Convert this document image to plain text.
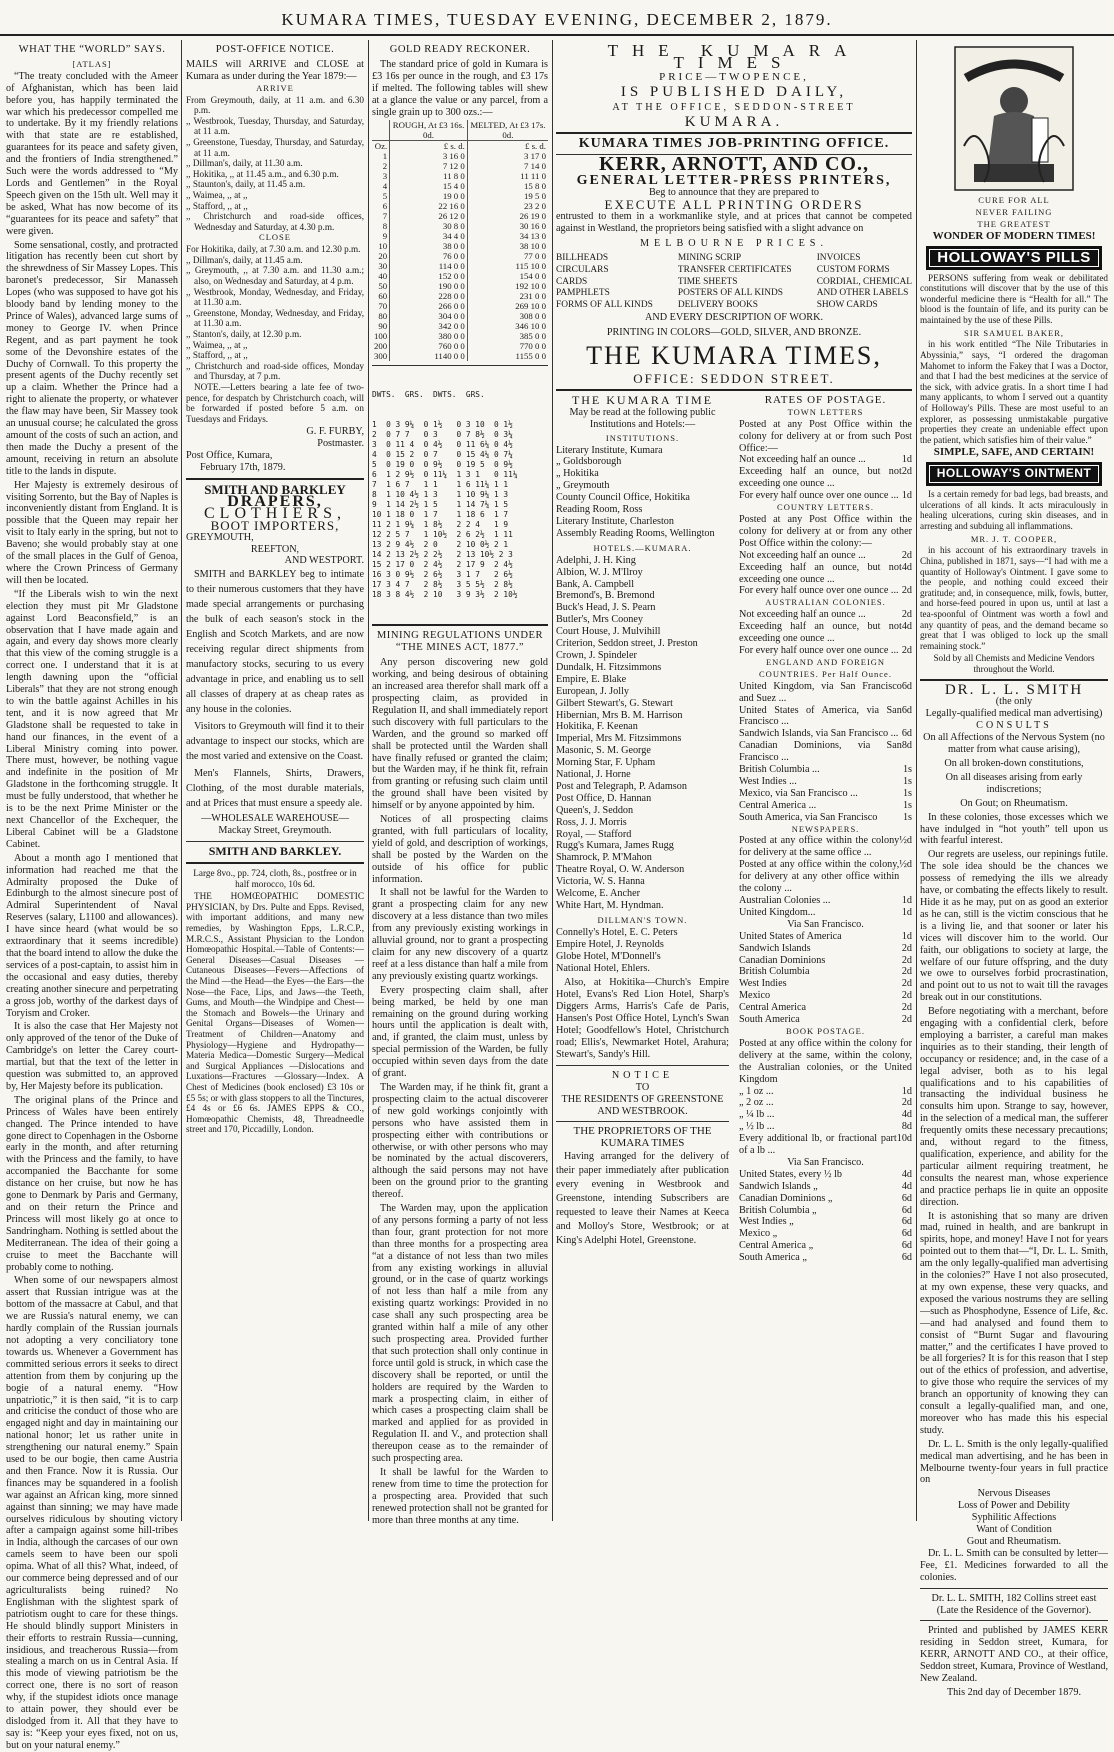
KUMARA TIMES, TUESDAY EVENING, DECEMBER 2, 1879.
WHAT THE “WORLD” SAYS.
[ATLAS]

“The treaty concluded with the Ameer of Afghanistan, which has been laid before you, has happily terminated the war which his predecessor compelled me to undertake. By it my friendly relations with that state are re established, guarantees for its peace and safety given, and the frontiers of India strengthened.” Such were the words addressed to “My Lords and Gentlemen” in the Royal Speech given on the 15th ult. Well may it be asked, What has now become of its “guarantees for its peace and safety” that were given.

Some sensational, costly, and protracted litigation has recently been cut short by the shrewdness of Sir Massey Lopes. This baronet's predecessor, Sir Manasseh Lopes (who was supposed to have got his bloody band by lending money to the Prince of Wales), advanced large sums of money to George IV. when Prince Regent, and as part payment he took some of the Devonshire estates of the Duchy of Cornwall. To this property the present agents of the Duchy recently set up a claim. Whether the Prince had a right to alienate the property, or whatever the flaw may have been, Sir Massey took an unusual course; he calculated the gross amount of the costs of such an action, and then made the Duchy a present of the amount, receiving in return an absolute title to the lands in dispute.

Her Majesty is extremely desirous of visiting Sorrento, but the Bay of Naples is inconveniently distant from England. It is possible that the Queen may repair her visit to Italy early in the spring, but not to Baveno; she would probably stay at one of the small places in the Gulf of Genoa, where the Crown Princess of Germany will then be located.

“If the Liberals wish to win the next election they must pit Mr Gladstone against Lord Beaconsfield,” is an observation that I have made again and again, and every day shows more clearly that this view of the coming struggle is a correct one. I understand that it is at length dawning upon the “official Liberals” that they are not strong enough to win the battle against Achilles in his tent, and it is now agreed that Mr Gladstone shall be requested to take in hand our finances, in the event of a Liberal Ministry coming into power. There must, however, be nothing vague and indefinite in the position of Mr Gladstone in the forthcoming struggle. It must be fully understood, that whether he is to be the next Prime Minister or the next Chancellor of the Exchequer, the Liberal Cabinet will be a Gladstone Cabinet.

About a month ago I mentioned that information had reached me that the Admiralty proposed the Duke of Edinburgh to the almost sinecure post of Admiral Superintendent of Naval Reserves (salary, L1100 and allowances). I have since heard (what would be so extraordinary that it seems incredible) that the board intend to allow the duke the services of a post-captain, to assist him in the occasional and easy duties, thereby creating another sinecure and perpetrating a gross job, worthy of the darkest days of Toryism and Croker.

It is also the case that Her Majesty not only approved of the tenor of the Duke of Cambridge's on letter the Carey court-martial, but that the text of the letter in question was submitted to, an approved by, Her Majesty before its publication.

The original plans of the Prince and Princess of Wales have been entirely changed. The Prince intended to have gone direct to Copenhagen in the Osborne early in the month, and after returning with the Princess and the family, to have accompanied the Bacchante for some distance on her cruise, but now he has gone to Denmark by Paris and Germany, and on their return the Prince and Princess will most likely go at once to Sandringham. Nothing is settled about the Mediterranean. The idea of their going a cruise to meet the Bacchante will probably come to nothing.

When some of our newspapers almost assert that Russian intrigue was at the bottom of the massacre at Cabul, and that we are Russia's natural enemy, we can hardly complain of the Russian journals not adopting a very conciliatory tone towards us. Whenever a Government has committed serious errors it seeks to direct attention from them by conjuring up the bogie of a natural enemy. “How unpatriotic,” it is then said, “it is to carp and criticise the conduct of those who are engaged night and day in maintaining our national honor; let us rather unite in strengthening our natural enemy.” Spain used to be our bogie, then came Austria and then France. Now it is Russia. Our finances may be squandered in a foolish war against an African king, more sinned against than sinning; we may have made ourselves ridiculous by shouting victory after a campaign against some hill-tribes in India, although the carcases of our own camels seem to have been our spoli opima. What of all this? What, indeed, of our commerce being depressed and of our agriculturalists being ruined? No Englishman with the slightest spark of patriotism ought to care for these things. He should blindly support Ministers in their efforts to restrain Russia—cunning, insidious, and treacherous Russia—from stealing a march on us in Central Asia. If this mode of viewing patriotism be the correct one, there is no sort of reason why, if the stupidest idiots once manage to attain power, they should ever be dislodged from it. All that they have to say is: “Keep your eyes fixed, not on us, but on your natural enemy.”

POST-OFFICE NOTICE.

MAILS will ARRIVE and CLOSE at Kumara as under during the Year 1879:—

ARRIVE

From Greymouth, daily, at 11 a.m. and 6.30 p.m.

,, Westbrook, Tuesday, Thursday, and Saturday, at 11 a.m.

,, Greenstone, Tuesday, Thursday, and Saturday, at 11 a.m.

,, Dillman's, daily, at 11.30 a.m.

,, Hokitika, ,, at 11.45 a.m., and 6.30 p.m.

,, Staunton's, daily, at 11.45 a.m.

,, Waimea, ,, at ,,

,, Stafford, ,, at ,,

,, Christchurch and road-side offices, Wednesday and Saturday, at 4.30 p.m.

CLOSE

For Hokitika, daily, at 7.30 a.m. and 12.30 p.m.

,, Dillman's, daily, at 11.45 a.m.

,, Greymouth, ,, at 7.30 a.m. and 11.30 a.m.; also, on Wednesday and Saturday, at 4 p.m.

,, Westbrook, Monday, Wednesday, and Friday, at 11.30 a.m.

,, Greenstone, Monday, Wednesday, and Friday, at 11.30 a.m.

,, Stanton's, daily, at 12.30 p.m.

,, Waimea, ,, at ,,

,, Stafford, ,, at ,,

,, Christchurch and road-side offices, Monday and Thursday, at 7 p.m.

NOTE.—Letters bearing a late fee of two-pence, for despatch by Christchurch coach, will be forwarded if posted before 5 a.m. on Tuesdays and Fridays.

G. F. FURBY,

Postmaster.

Post Office, Kumara,

February 17th, 1879.

SMITH AND BARKLEY
DRAPERS,
CLOTHIERS,
BOOT IMPORTERS,
GREYMOUTH,
REEFTON,
AND WESTPORT.

SMITH and BARKLEY beg to intimate to their numerous customers that they have made special arrangements or purchasing the bulk of each season's stock in the English and Scotch Markets, and are now receiving regular direct shipments from manufactory stocks, securing to us every advantage in price, and enabling us to sell all classes of drapery at as cheap rates as any house in the colonies.

Visitors to Greymouth will find it to their advantage to inspect our stocks, which are the most varied and extensive on the Coast.

Men's Flannels, Shirts, Drawers, Clothing, of the most durable materials, and at Prices that must ensure a speedy ale.

—WHOLESALE WAREHOUSE—
Mackay Street, Greymouth.
SMITH AND BARKLEY.

Large 8vo., pp. 724, cloth, 8s., postfree or in half morocco, 10s 6d.

THE HOMŒOPATHIC DOMESTIC PHYSICIAN, by Drs. Pulte and Epps. Revised, with important additions, and many new remedies, by Washington Epps, L.R.C.P., M.R.C.S., Assistant Physician to the London Homœopathic Hospital.—Table of Contents:—General Diseases—Casual Diseases — Cutaneous Diseases—Fevers—Affections of the Mind —the Head—the Eyes—the Ears—the Nose—the Face, Lips, and Jaws—the Teeth, Gums, and Mouth—the Windpipe and Chest—the Stomach and Bowels—the Urinary and Genital Organs—Diseases of Women—Treatment of Children—Anatomy and Physiology—Hygiene and Hydropathy—Materia Medica—Domestic Surgery—Medical and Surgical Appliances —Dislocations and Luxations—Fractures —Glossary—Index. A Chest of Medicines (book enclosed) £3 10s or £5 5s; or with glass stoppers to all the Tinctures, £4 4s or £6 6s. JAMES EPPS & CO., Homœopathic Chemists, 48, Threadneedle street and 170, Piccadilly, London.

GOLD READY RECKONER.

The standard price of gold in Kumara is £3 16s per ounce in the rough, and £3 17s if melted. The following tables will shew at a glance the value or any parcel, from a single grain up to 300 ozs.:—

	ROUGH, At £3 16s. 0d.	MELTED, At £3 17s. 0d.
Oz.	£ s. d.	£ s. d.
1	3 16 0	3 17 0
2	7 12 0	7 14 0
3	11 8 0	11 11 0
4	15 4 0	15 8 0
5	19 0 0	19 5 0
6	22 16 0	23 2 0
7	26 12 0	26 19 0
8	30 8 0	30 16 0
9	34 4 0	34 13 0
10	38 0 0	38 10 0
20	76 0 0	77 0 0
30	114 0 0	115 10 0
40	152 0 0	154 0 0
50	190 0 0	192 10 0
60	228 0 0	231 0 0
70	266 0 0	269 10 0
80	304 0 0	308 0 0
90	342 0 0	346 10 0
100	380 0 0	385 0 0
200	760 0 0	770 0 0
300	1140 0 0	1155 0 0

DWTS.  GRS.  DWTS.  GRS.

1  0 3 9¼  0 1½   0 3 10  0 1½
2  0 7 7   0 3    0 7 8½  0 3¼
3  0 11 4  0 4½   0 11 6¼ 0 4½
4  0 15 2  0 7    0 15 4¼ 0 7¼
5  0 19 0  0 9½   0 19 5  0 9½
6  1 2 9½  0 11¼  1 3 1   0 11¼
7  1 6 7   1 1    1 6 11¼ 1 1
8  1 10 4½ 1 3    1 10 9¼ 1 3
9  1 14 2½ 1 5    1 14 7¼ 1 5
10 1 18 0  1 7    1 18 6  1 7
11 2 1 9¼  1 8½   2 2 4   1 9
12 2 5 7   1 10½  2 6 2½  1 11
13 2 9 4½  2 0    2 10 0½ 2 1
14 2 13 2½ 2 2½   2 13 10½ 2 3
15 2 17 0  2 4½   2 17 9  2 4½
16 3 0 9½  2 6½   3 1 7   2 6½
17 3 4 7   2 8½   3 5 5½  2 8½
18 3 8 4½  2 10   3 9 3½  2 10½

MINING REGULATIONS UNDER “THE MINES ACT, 1877.”

Any person discovering new gold working, and being desirous of obtaining an increased area therefor shall mark off a prospecting claim, as provided in Regulation II, and shall immediately report such discovery with full particulars to the Warden, and the ground so marked off shall be protected until the Warden shall have finally refused or granted the claim; but the Warden may, if he think fit, refrain from granting or refusing such claim until the ground shall have been visited by himself or by anyone appointed by him.

Notices of all prospecting claims granted, with full particulars of locality, yield of gold, and description of workings, shall be posted by the Warden on the outside of his office for public information.

It shall not be lawful for the Warden to grant a prospecting claim for any new discovery at a less distance than two miles from any previously existing workings in alluvial ground, nor to grant a prospecting claim for any new discovery of a quartz reef at a less distance than half a mile from any previously existing quartz workings.

Every prospecting claim shall, after being marked, be held by one man remaining on the ground during working hours until the application is dealt with, and, if granted, the claim must, unless by special permission of the Warden, be fully occupied within seven days from the date of grant.

The Warden may, if he think fit, grant a prospecting claim to the actual discoverer of new gold workings conjointly with persons who have assisted them in prospecting either with contributions or otherwise, or with other persons who may be nominated by the actual discoverers, although the said persons may not have been on the ground prior to the granting thereof.

The Warden may, upon the application of any persons forming a party of not less than four, grant protection for not more than three months for a prospecting area “at a distance of not less than two miles from any existing workings in alluvial ground, or in the case of quartz workings of not less than half a mile from any existing quartz workings: Provided in no case shall any such prospecting area be granted within half a mile of any other such prospecting area. Provided further that such protection shall only continue in force until gold is struck, in which case the discovery shall be reported, or until the holders are required by the Warden to mark a prospecting claim, in either of which cases a prospecting claim shall be marked and applied for as provided in Regulation II. and V., and protection shall thereupon cease as to the remainder of such prospecting area.

It shall be lawful for the Warden to renew from time to time the protection for a prospecting area. Provided that such renewed protection shall not be granted for more than three months at any time.

THE KUMARA TIMES
PRICE—TWOPENCE,
IS PUBLISHED DAILY,
AT THE OFFICE, SEDDON-STREET
KUMARA.
KUMARA TIMES JOB-PRINTING OFFICE.
KERR, ARNOTT, AND CO.,
GENERAL LETTER-PRESS PRINTERS,
Beg to announce that they are prepared to
EXECUTE ALL PRINTING ORDERS

entrusted to them in a workmanlike style, and at prices that cannot be competed against in Westland, the proprietors being satisfied with a slight advance on

MELBOURNE PRICES.
BILLHEADS
CIRCULARS
CARDS
PAMPHLETS
FORMS OF ALL KINDS
MINING SCRIP
TRANSFER CERTIFICATES
TIME SHEETS
POSTERS OF ALL KINDS
DELIVERY BOOKS
INVOICES
CUSTOM FORMS
CORDIAL, CHEMICAL
AND OTHER LABELS
SHOW CARDS
AND EVERY DESCRIPTION OF WORK.
PRINTING IN COLORS—GOLD, SILVER, AND BRONZE.
THE KUMARA TIMES,
OFFICE: SEDDON STREET.
THE KUMARA TIME

May be read at the following public Institutions and Hotels:—

INSTITUTIONS.
Literary Institute, Kumara
„ Goldsborough
„ Hokitika
„ Greymouth
County Council Office, Hokitika
Reading Room, Ross
Literary Institute, Charleston
Assembly Reading Rooms, Wellington
HOTELS.—KUMARA.
Adelphi, J. H. King
Albion, W. J. M'Ilroy
Bank, A. Campbell
Bremond's, B. Bremond
Buck's Head, J. S. Pearn
Butler's, Mrs Cooney
Court House, J. Mulvihill
Criterion, Seddon street, J. Preston
Crown, J. Spindeler
Dundalk, H. Fitzsimmons
Empire, E. Blake
European, J. Jolly
Gilbert Stewart's, G. Stewart
Hibernian, Mrs B. M. Harrison
Hokitika, F. Keenan
Imperial, Mrs M. Fitzsimmons
Masonic, S. M. George
Morning Star, F. Upham
National, J. Horne
Post and Telegraph, P. Adamson
Post Office, D. Hannan
Queen's, J. Seddon
Ross, J. J. Morris
Royal, — Stafford
Rugg's Kumara, James Rugg
Shamrock, P. M'Mahon
Theatre Royal, O. W. Anderson
Victoria, W. S. Hanna
Welcome, E. Ancher
White Hart, M. Hyndman.
DILLMAN'S TOWN.
Connelly's Hotel, E. C. Peters
Empire Hotel, J. Reynolds
Globe Hotel, M'Donnell's
National Hotel, Ehlers.

Also, at Hokitika—Church's Empire Hotel, Evans's Red Lion Hotel, Sharp's Diggers Arms, Harris's Cafe de Paris, Hansen's Post Office Hotel, Lynch's Swan Hotel; Goodfellow's Hotel, Christchurch road; Ellis's, Newmarket Hotel, Arahura; Stewart's, Sandy's Hill.

NOTICE
TO
THE RESIDENTS OF GREENSTONE AND WESTBROOK.
THE PROPRIETORS OF THE KUMARA TIMES

Having arranged for the delivery of their paper immediately after publication every evening in Westbrook and Greenstone, intending Subscribers are requested to leave their Names at Keeca and Molloy's Store, Westbrook; or at King's Adelphi Hotel, Greenstone.

RATES OF POSTAGE.
TOWN LETTERS

Posted at any Post Office within the colony for delivery at or from such Post Office:—

Not exceeding half an ounce ...	1d
Exceeding half an ounce, but not exceeding one ounce ...
2d
For every half ounce over one ounce ... 1d
COUNTRY LETTERS.

Posted at any Post Office within the colony for delivery at or from any other Post Office within the colony:—

Not exceeding half an ounce ...	2d
Exceeding half an ounce, but not exceeding one ounce ...
4d
For every half ounce over one ounce ... 2d
AUSTRALIAN COLONIES.
Not exceeding half an ounce ...	2d
Exceeding half an ounce, but not exceeding one ounce ...
4d
For every half ounce over one ounce ... 2d
ENGLAND AND FOREIGN COUNTRIES. Per Half Ounce.
United Kingdom, via San Francisco and Suez ...
6d
United States of America, via San Francisco ...
6d
Sandwich Islands, via San Francisco ... 6d
Canadian Dominions, via San Francisco ...
8d
British Columbia ...	1s
West Indies ...	1s
Mexico, via San Francisco ...	1s
Central America ...	1s
South America, via San Francisco	1s
NEWSPAPERS.
Posted at any office within the colony for delivery at the same office ...
½d
Posted at any office within the colony, for delivery at any other office within the colony ...
½d
Australian Colonies ...	1d
United Kingdom...	1d
Via San Francisco.
United States of America	1d
Sandwich Islands	2d
Canadian Dominions	2d
British Columbia	2d
West Indies	2d
Mexico	2d
Central America	2d
South America	2d
BOOK POSTAGE.

Posted at any office within the colony for delivery at the same, within the colony, the Australian colonies, or the United Kingdom

„ 1 oz ...	1d
„ 2 oz ...	2d
„ ¼ lb ...	4d
„ ½ lb ...	8d
Every additional lb, or fractional part of a lb ...
10d
Via San Francisco.
United States, every ½ lb	4d
Sandwich Islands „	4d
Canadian Dominions „	6d
British Columbia „	6d
West Indies „	6d
Mexico „	6d
Central America „	6d
South America „	6d
CURE FOR ALL
NEVER FAILING
THE GREATEST
WONDER OF MODERN TIMES!
HOLLOWAY'S PILLS

PERSONS suffering from weak or debilitated constitutions will discover that by the use of this wonderful medicine there is “Health for all.” The blood is the fountain of life, and its purity can be maintained by the use of these Pills.

SIR SAMUEL BAKER,

in his work entitled “The Nile Tributaries in Abyssinia,” says, “I ordered the dragoman Mahomet to inform the Fakey that I was a Doctor, and that I had the best medicines at the service of the sick, with advice gratis. In a short time I had many applicants, to whom I served out a quantity of Holloway's Pills. These are most useful to an explorer, as possessing unmistakable purgative properties they create an undeniable effect upon the patient, which satisfies him of their value.”

SIMPLE, SAFE, AND CERTAIN!
HOLLOWAY'S OINTMENT

Is a certain remedy for bad legs, bad breasts, and ulcerations of all kinds. It acts miraculously in healing ulcerations, curing skin diseases, and in arresting and subduing all inflammations.

MR. J. T. COOPER,

in his account of his extraordinary travels in China, published in 1871, says—“I had with me a quantity of Holloway's Ointment. I gave some to the people, and nothing could exceed their gratitude; and, in consequence, milk, fowls, butter, and horse-feed poured in upon us, until at last a tea-spoonful of Ointment was worth a fowl and any quantity of peas, and the demand became so great that I was obliged to lock up the small remaining stock.”

Sold by all Chemists and Medicine Vendors throughout the World.

DR. L. L. SMITH
(the only
Legally-qualified medical man advertising)
CONSULTS

On all Affections of the Nervous System (no matter from what cause arising),

On all broken-down constitutions,

On all diseases arising from early indiscretions;

On Gout; on Rheumatism.

In these colonies, those excesses which we have indulged in “hot youth” tell upon us with fearful interest.

Our regrets are useless, our repinings futile. The sole idea should be the chances we possess of remedying the ills we already have, or combating the effects likely to result. Hide it as he may, put on as good an exterior as he can, still is the victim conscious that he is a living lie, and that sooner or later his vices will discover him to the world. Our faith, our obligations to society at large, the welfare of our future offspring, and the duty we owe to ourselves forbid procrastination, and point out to us not to wait till the ravages break out in our constitutions.

Before negotiating with a merchant, before engaging with a confidential clerk, before employing a barrister, a careful man makes inquiries as to their standing, their length of occupancy or residence; and, in the case of a legal adviser, both as to his legal qualifications and to his capabilities of transacting the individual business he consults him upon. Strange to say, however, in the selection of a medical man, the sufferer frequently omits these necessary precautions; and, without regard to the fitness, qualification, experience, and ability for the particular ailment requiring treatment, he consults the nearest man, whose experience and practice perhaps lie in quite an opposite direction.

It is astonishing that so many are driven mad, ruined in health, and are bankrupt in spirits, hope, and money! Have I not for years pointed out to them that—“I, Dr. L. L. Smith, am the only legally-qualified man advertising in the colonies?” Have I not also prosecuted, at my own expense, these very quacks, and exposed the various nostrums they are selling—such as Phosphodyne, Essence of Life, &c.—and had analysed and found them to consist of “Burnt Sugar and flavouring matter,” and the certificates I have proved to be all forgeries? It is for this reason that I step out of the ethics of profession, and advertise, to give those who require the services of my branch an opportunity of knowing they can consult a legally-qualified man, and one, moreover who has made this his especial study.

Dr. L. L. Smith is the only legally-qualified medical man advertising, and he has been in Melbourne twenty-four years in full practice on

Nervous Diseases
Loss of Power and Debility
Syphilitic Affections
Want of Condition
Gout and Rheumatism.

Dr. L. L. Smith can be consulted by letter—Fee, £1. Medicines forwarded to all the colonies.

Dr. L. L. SMITH, 182 Collins street east (Late the Residence of the Governor).

Printed and published by JAMES KERR residing in Seddon street, Kumara, for KERR, ARNOTT AND CO., at their office, Seddon street, Kumara, Province of Westland, New Zealand.

This 2nd day of December 1879.
